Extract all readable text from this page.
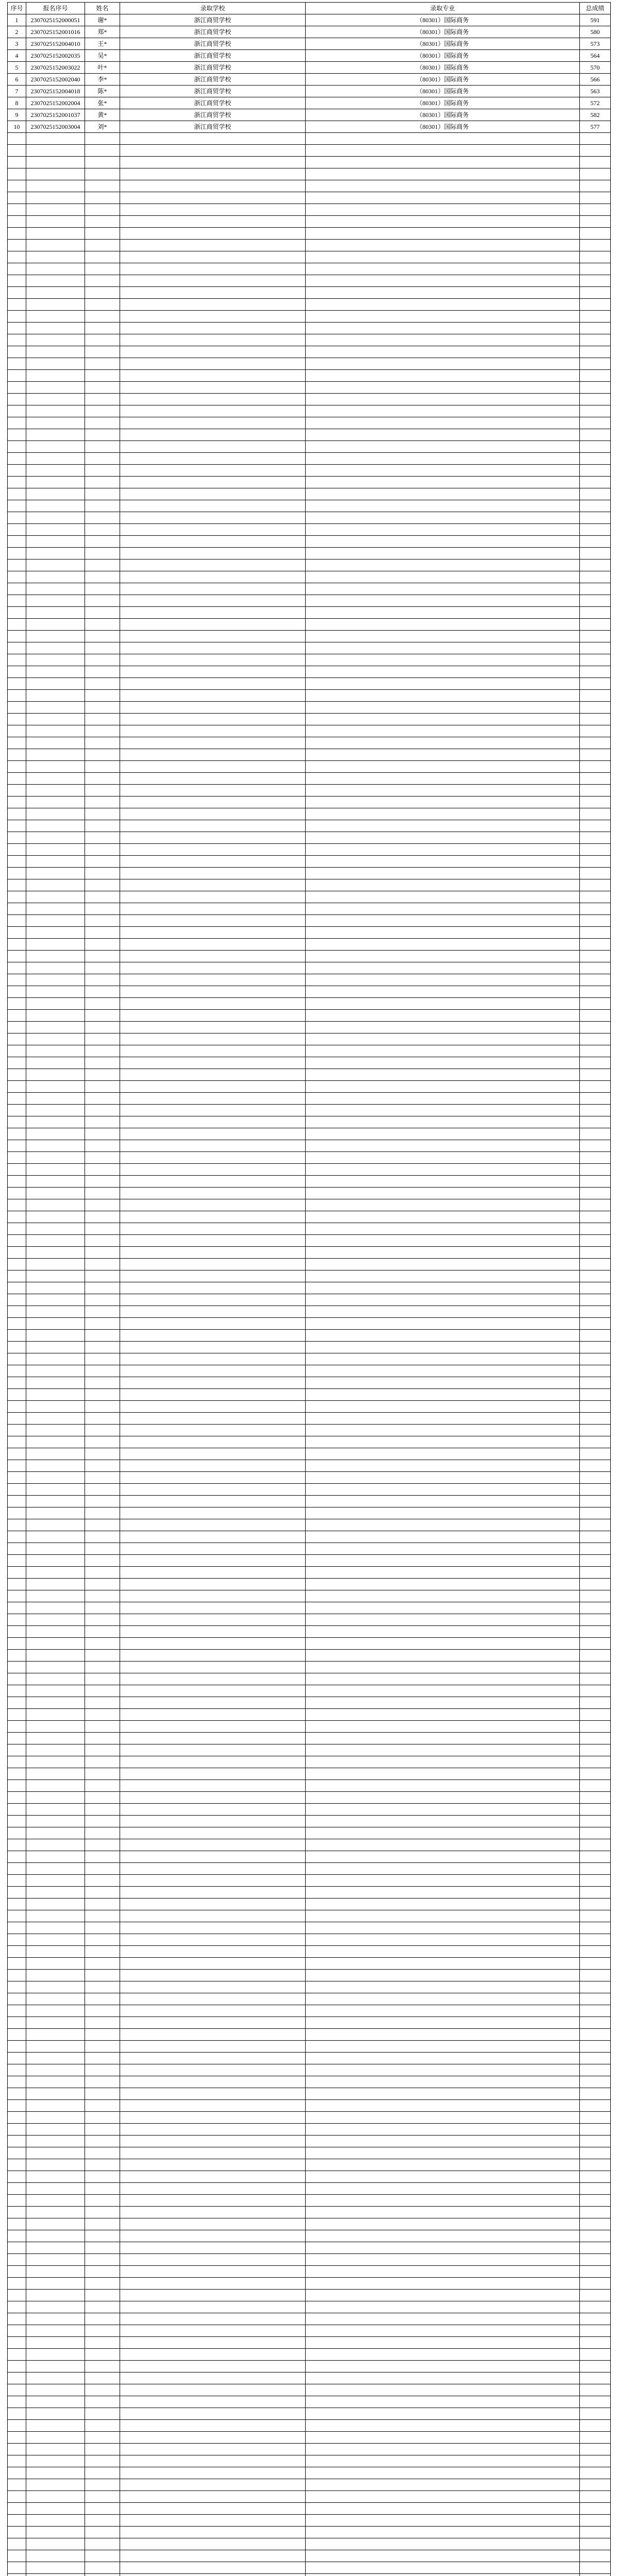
序号	报名序号	姓名	录取学校	录取专业	总成绩
1	2307025152000051	谢*	浙江商贸学校	（80301）国际商务	591
2	2307025152001016	郑*	浙江商贸学校	（80301）国际商务	580
3	2307025152004010	王*	浙江商贸学校	（80301）国际商务	573
4	2307025152002035	吴*	浙江商贸学校	（80301）国际商务	564
5	2307025152003022	叶*	浙江商贸学校	（80301）国际商务	570
6	2307025152002040	李*	浙江商贸学校	（80301）国际商务	566
7	2307025152004018	陈*	浙江商贸学校	（80301）国际商务	563
8	2307025152002004	张*	浙江商贸学校	（80301）国际商务	572
9	2307025152001037	黄*	浙江商贸学校	（80301）国际商务	582
10	2307025152003004	刘*	浙江商贸学校	（80301）国际商务	577
